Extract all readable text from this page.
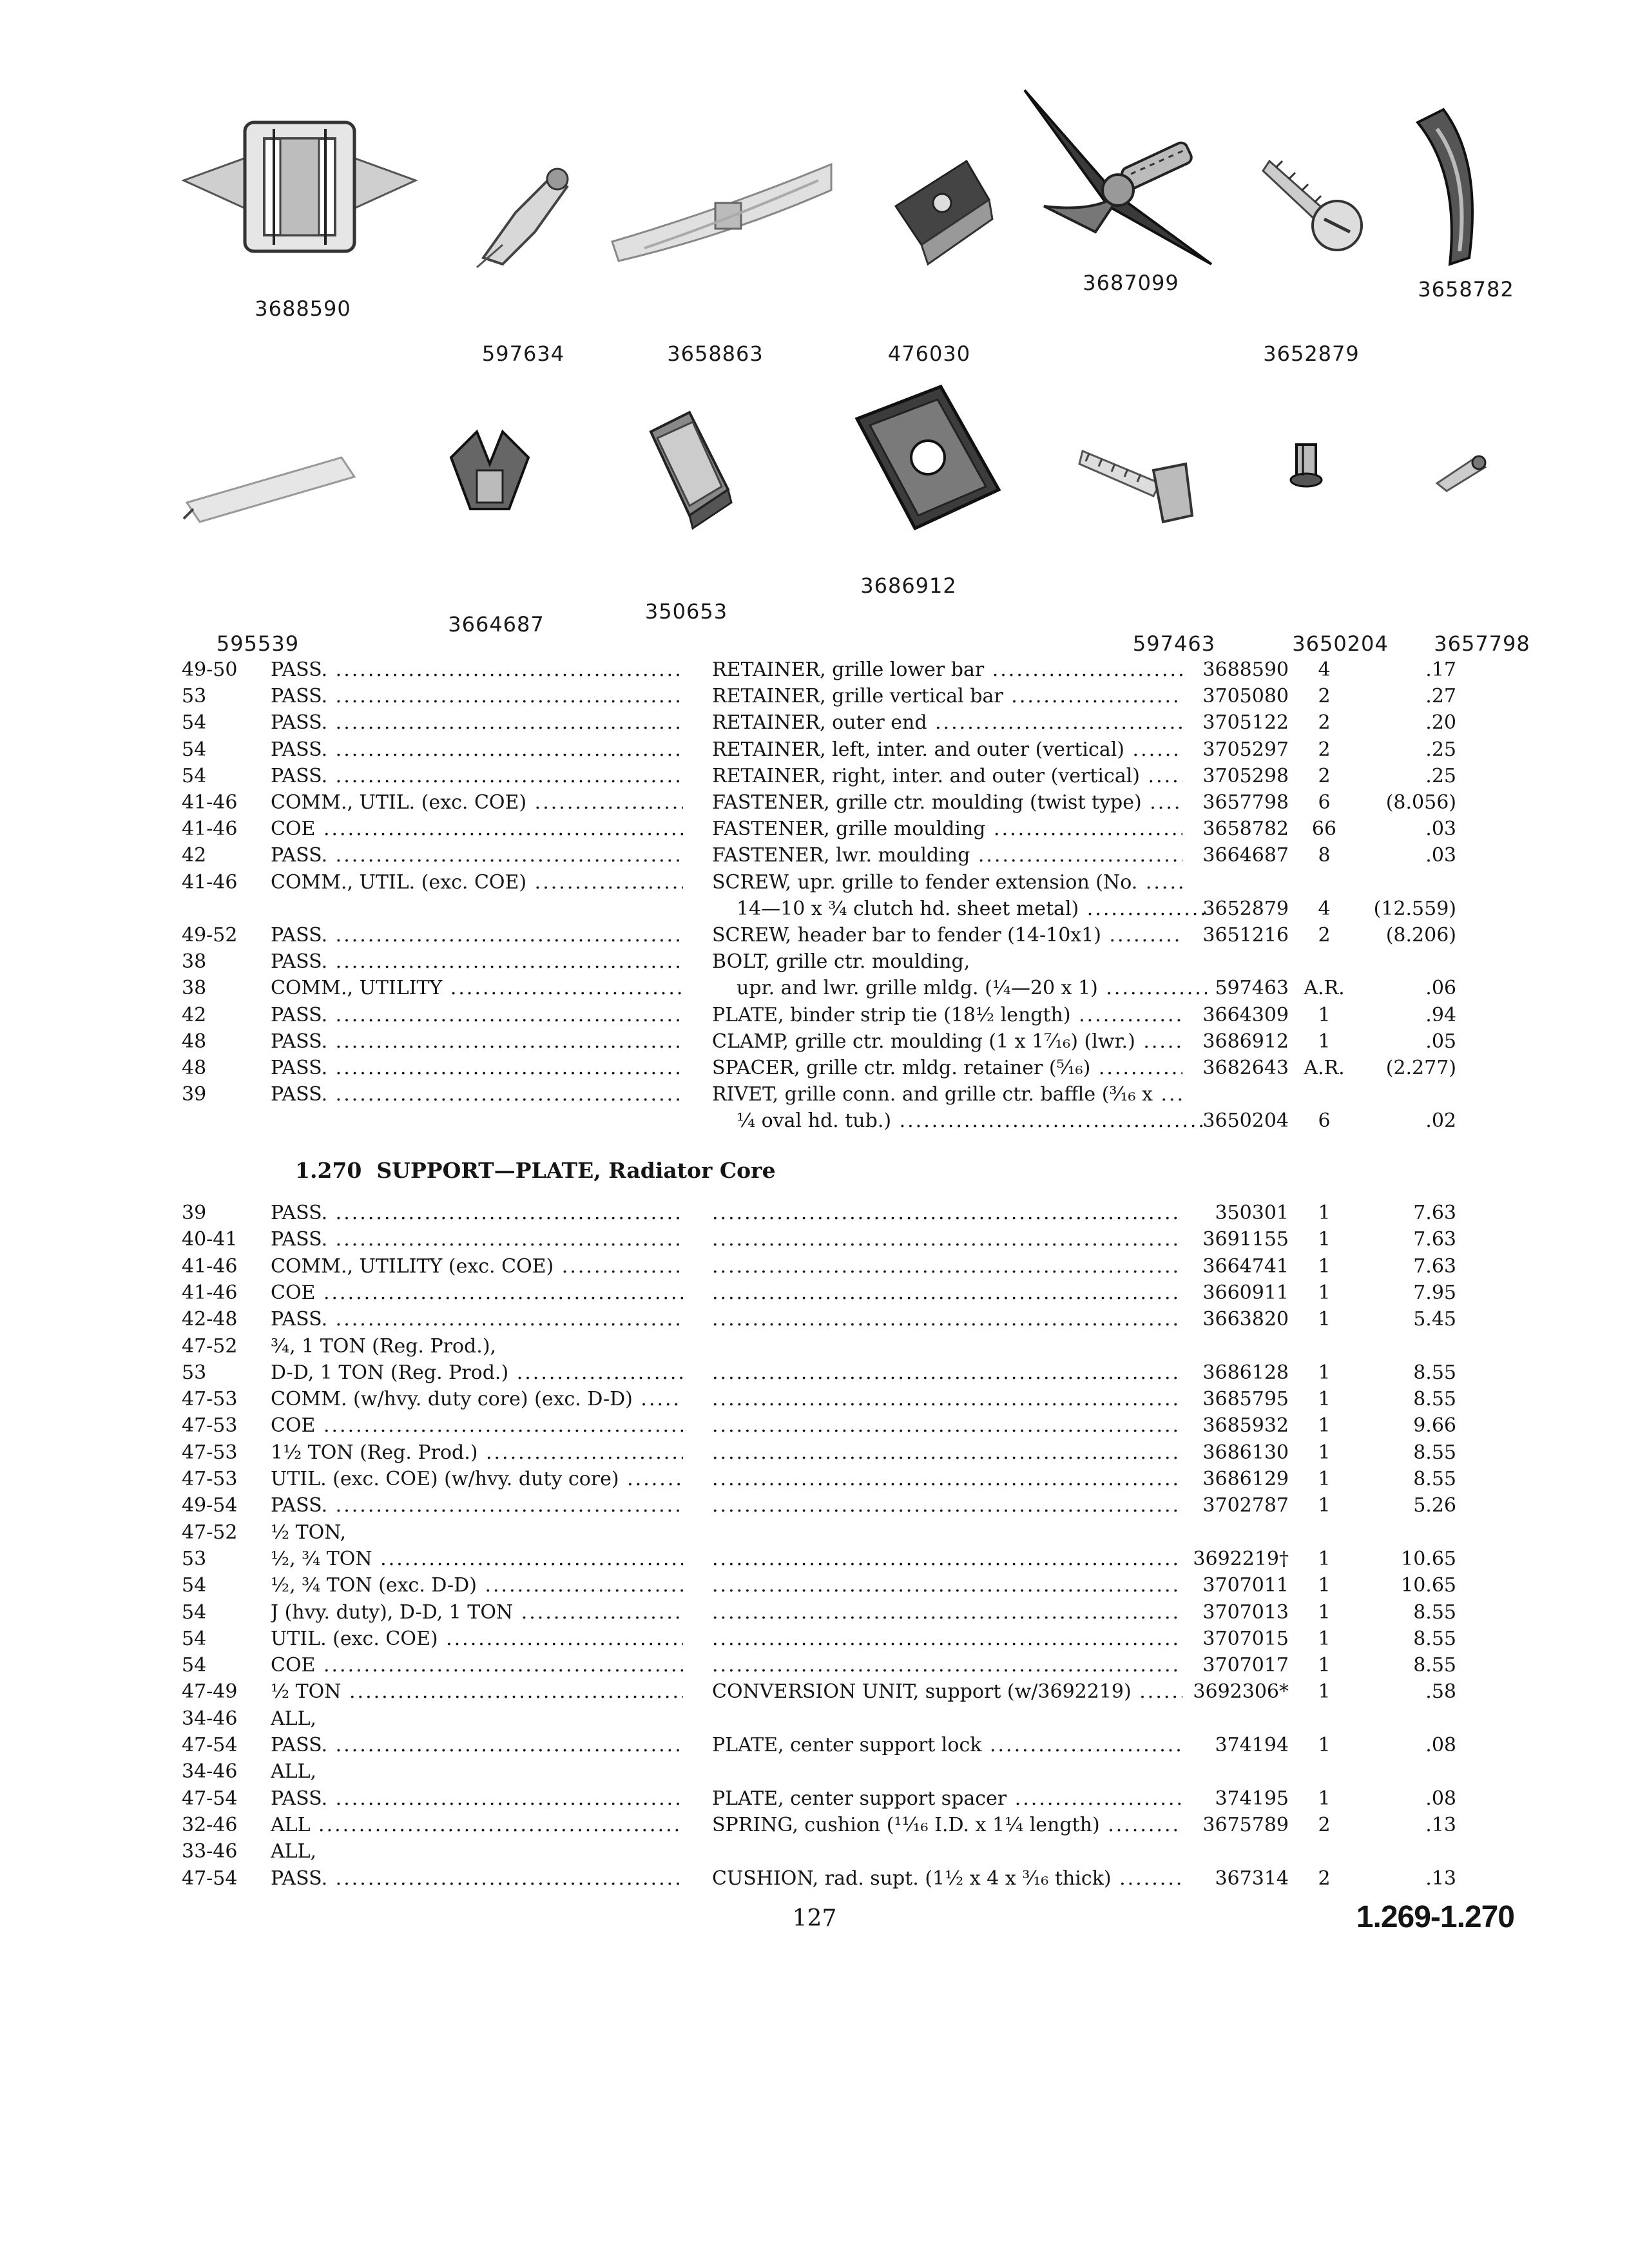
3688590
597634	3658863	476030
3687099
3652879
3658782
595539
3664687
350653
3686912
597463	3650204	3657798
49-50	PASS. .....	RETAINER, grille lower bar .....	3688590	4	.17
53	PASS. .....	RETAINER, grille vertical bar .....	3705080	2	.27
54	PASS. .....	RETAINER, outer end .....	3705122	2	.20
54	PASS. .....	RETAINER, left, inter. and outer (vertical) .....	3705297	2	.25
54	PASS. .....	RETAINER, right, inter. and outer (vertical) .....	3705298	2	.25
41-46	COMM., UTIL. (exc. COE) .....	FASTENER, grille ctr. moulding (twist type) .....	3657798	6	(8.056)
41-46	COE .....	FASTENER, grille moulding .....	3658782	66	.03
42	PASS. .....	FASTENER, lwr. moulding .....	3664687	8	.03
41-46	COMM., UTIL. (exc. COE) .....	SCREW, upr. grille to fender extension (No. .....
14—10 x ¾ clutch hd. sheet metal) .....	3652879	4	(12.559)
49-52	PASS. .....	SCREW, header bar to fender (14-10x1) .....	3651216	2	(8.206)
38	PASS. .....	BOLT, grille ctr. moulding,
38	COMM., UTILITY .....	upr. and lwr. grille mldg. (¼—20 x 1) .....	597463 A.R.	.06
42	PASS. .....	PLATE, binder strip tie (18½ length) .....	3664309	1	.94
48	PASS. .....	CLAMP, grille ctr. moulding (1 x 1⁷⁄₁₆) (lwr.) .....	3686912	1	.05
48	PASS. .....	SPACER, grille ctr. mldg. retainer (⁵⁄₁₆) .....	3682643 A.R.	(2.277)
39	PASS. .....	RIVET, grille conn. and grille ctr. baffle (³⁄₁₆ x .....
¼ oval hd. tub.) .....	3650204	6	.02
1.270 SUPPORT—PLATE, Radiator Core
39	PASS. ..... .....	350301	1	7.63
40-41	PASS. ..... .....	3691155	1	7.63
41-46	COMM., UTILITY (exc. COE) ..... .....	3664741	1	7.63
41-46	COE ..... .....	3660911	1	7.95
42-48	PASS. ..... .....	3663820	1	5.45
47-52	¾, 1 TON (Reg. Prod.),
53	D-D, 1 TON (Reg. Prod.) ..... .....	3686128	1	8.55
47-53	COMM. (w/hvy. duty core) (exc. D-D) ..... .....	3685795	1	8.55
47-53	COE ..... .....	3685932	1	9.66
47-53	1½ TON (Reg. Prod.) ..... .....	3686130	1	8.55
47-53	UTIL. (exc. COE) (w/hvy. duty core) ..... .....	3686129	1	8.55
49-54	PASS. ..... .....	3702787	1	5.26
47-52	½ TON,
53	½, ¾ TON ..... .....	3692219†	1	10.65
54	½, ¾ TON (exc. D-D) ..... .....	3707011	1	10.65
54	J (hvy. duty), D-D, 1 TON ..... .....	3707013	1	8.55
54	UTIL. (exc. COE) ..... .....	3707015	1	8.55
54	COE ..... .....	3707017	1	8.55
47-49	½ TON .....	CONVERSION UNIT, support (w/3692219) .....	3692306*	1	.58
34-46	ALL,
47-54	PASS. .....	PLATE, center support lock .....	374194	1	.08
34-46	ALL,
47-54	PASS. .....	PLATE, center support spacer .....	374195	1	.08
32-46	ALL .....	SPRING, cushion (¹¹⁄₁₆ I.D. x 1¼ length) .....	3675789	2	.13
33-46	ALL,
47-54	PASS. .....	CUSHION, rad. supt. (1½ x 4 x ³⁄₁₆ thick) .....	367314	2	.13
127	1.269-1.270
